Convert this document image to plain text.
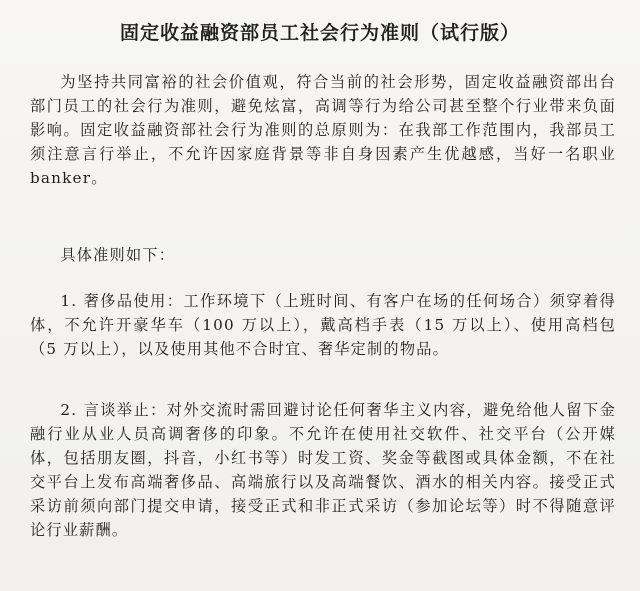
固定收益融资部员工社会行为准则（试行版）
为坚持共同富裕的社会价值观，符合当前的社会形势，固定收益融资部出台部门员工的社会行为准则，避免炫富，高调等行为给公司甚至整个行业带来负面影响。固定收益融资部社会行为准则的总原则为：在我部工作范围内，我部员工须注意言行举止，不允许因家庭背景等非自身因素产生优越感，当好一名职业banker。
具体准则如下：
1. 奢侈品使用：工作环境下（上班时间、有客户在场的任何场合）须穿着得体，不允许开豪华车（100 万以上），戴高档手表（15 万以上）、使用高档包（5 万以上），以及使用其他不合时宜、奢华定制的物品。
2. 言谈举止：对外交流时需回避讨论任何奢华主义内容，避免给他人留下金融行业从业人员高调奢侈的印象。不允许在使用社交软件、社交平台（公开媒体，包括朋友圈，抖音，小红书等）时发工资、奖金等截图或具体金额，不在社交平台上发布高端奢侈品、高端旅行以及高端餐饮、酒水的相关内容。接受正式采访前须向部门提交申请，接受正式和非正式采访（参加论坛等）时不得随意评论行业薪酬。
